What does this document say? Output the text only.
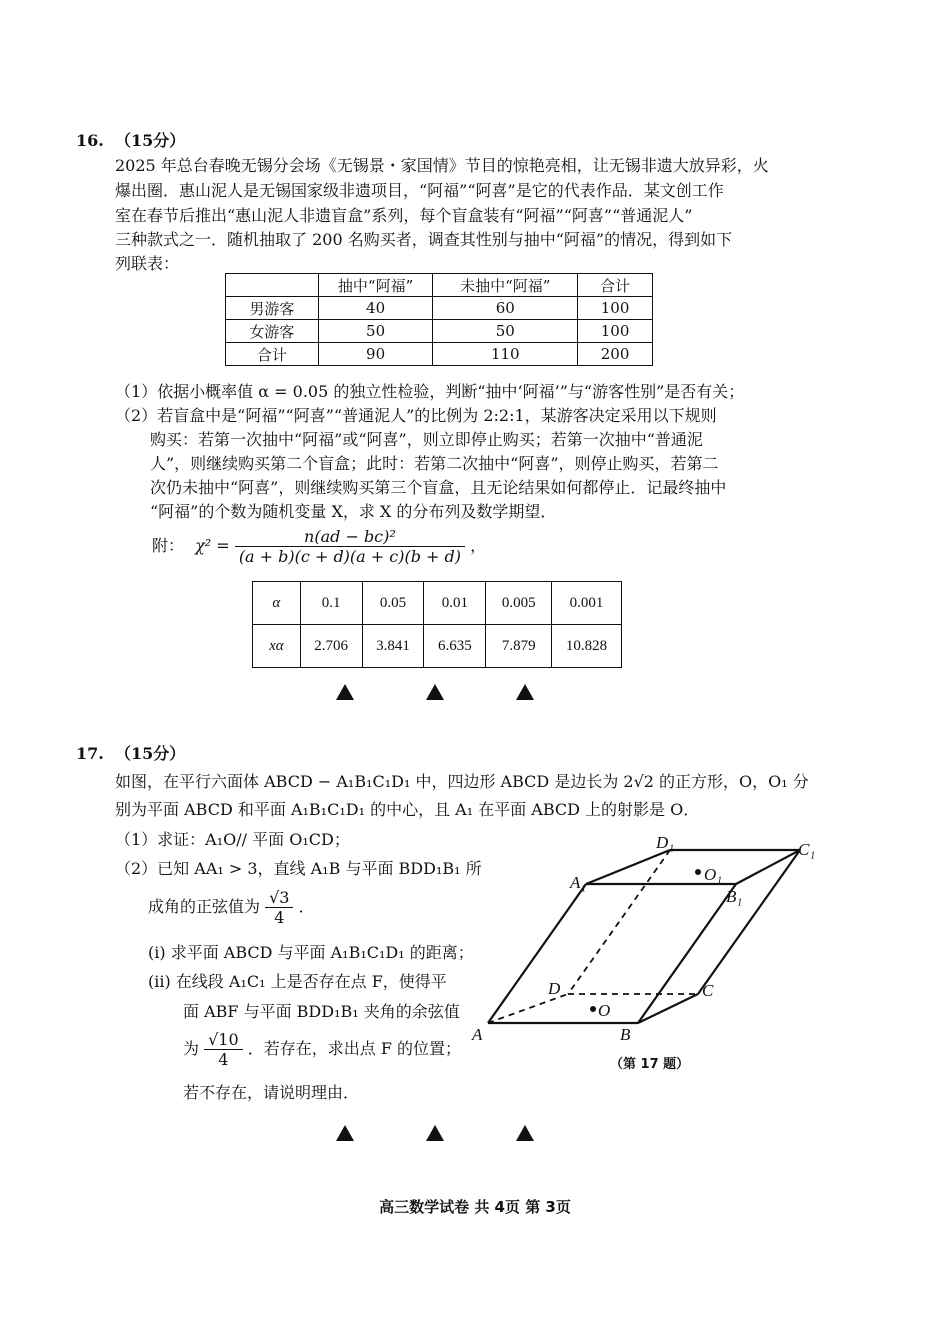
16. （15分）
2025 年总台春晚无锡分会场《无锡景・家国情》节目的惊艳亮相，让无锡非遗大放异彩，火
爆出圈．惠山泥人是无锡国家级非遗项目，“阿福”“阿喜”是它的代表作品．某文创工作
室在春节后推出“惠山泥人非遗盲盒”系列，每个盲盒装有“阿福”“阿喜”“普通泥人”
三种款式之一．随机抽取了 200 名购买者，调查其性别与抽中“阿福”的情况，得到如下
列联表：
	抽中“阿福”	未抽中“阿福”	合计
男游客	40	60	100
女游客	50	50	100
合计	90	110	200
（1）依据小概率值 α = 0.05 的独立性检验，判断“抽中‘阿福’”与“游客性别”是否有关；
（2）若盲盒中是“阿福”“阿喜”“普通泥人”的比例为 2:2:1，某游客决定采用以下规则
购买：若第一次抽中“阿福”或“阿喜”，则立即停止购买；若第一次抽中“普通泥
人”，则继续购买第二个盲盒；此时：若第二次抽中“阿喜”，则停止购买，若第二
次仍未抽中“阿喜”，则继续购买第三个盲盒，且无论结果如何都停止．记最终抽中
“阿福”的个数为随机变量 X，求 X 的分布列及数学期望．
附： $\chi^2 = \frac{\text{n(ad − bc)²}}{(a + b)(c + d)(a + c)(b + d)}$ ，
α	0.1	0.05	0.01	0.005	0.001
xα	2.706	3.841	6.635	7.879	10.828
17. （15分）
如图，在平行六面体 ABCD − A₁B₁C₁D₁ 中，四边形 ABCD 是边长为 2√2 的正方形，O，O₁ 分
别为平面 ABCD 和平面 A₁B₁C₁D₁ 的中心，且 A₁ 在平面 ABCD 上的射影是 O．
（1）求证：A₁O// 平面 O₁CD；
（2）已知 AA₁ > 3，直线 A₁B 与平面 BDD₁B₁ 所
成角的正弦值为 $\frac{√3}{4}$ ．
(i) 求平面 ABCD 与平面 A₁B₁C₁D₁ 的距离；
(ii) 在线段 A₁C₁ 上是否存在点 F，使得平
面 ABF 与平面 BDD₁B₁ 夹角的余弦值
为 $\frac{√10}{4}$ ．若存在，求出点 F 的位置；
若不存在，请说明理由．
A	B
C
D
A₁
B₁
C₁
D₁
O
O₁
（第 17 题）
高三数学试卷 共 4页 第 3页
